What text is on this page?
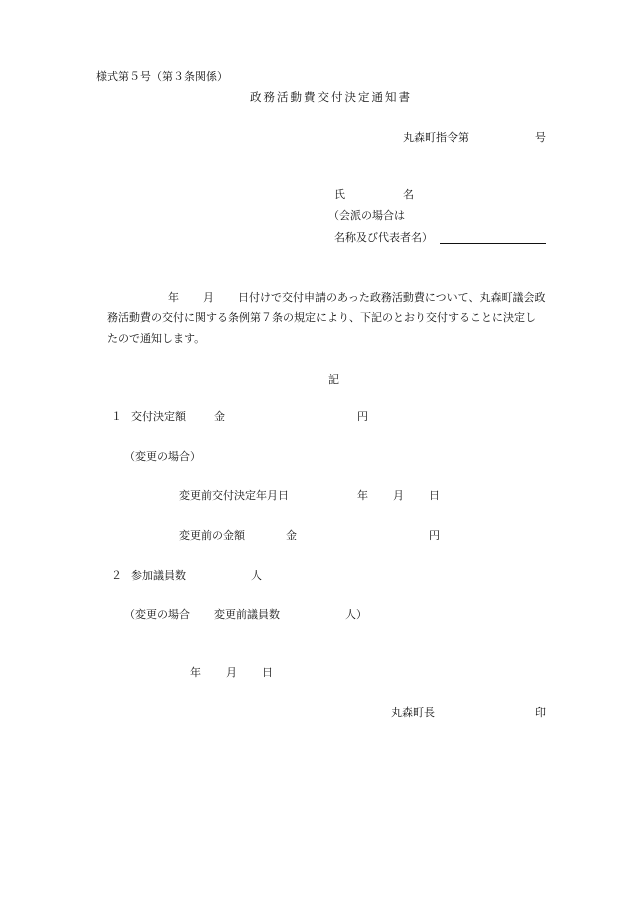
様式第５号（第３条関係）
政務活動費交付決定通知書
丸森町指令第	号
氏	名
（会派の場合は
名称及び代表者名）
年 月 日付けで交付申請のあった政務活動費について、丸森町議会政
務活動費の交付に関する条例第７条の規定により、下記のとおり交付することに決定し
たので通知します。
記
１ 交付決定額	金	円
（変更の場合）
変更前交付決定年月日	年 月 日
変更前の金額	金	円
２ 参加議員数	人
（変更の場合 変更前議員数	人）
年 月 日
丸森町長	印
